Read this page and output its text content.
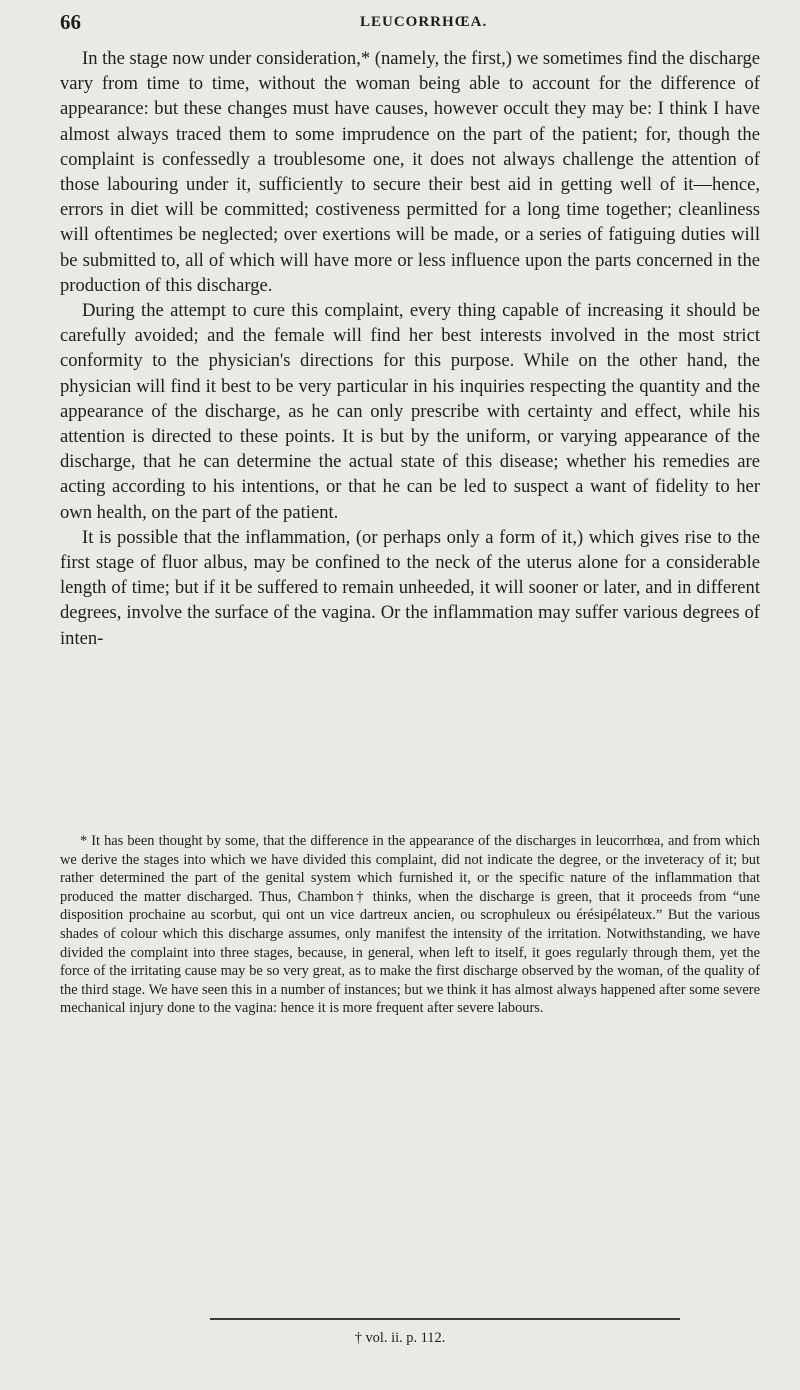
66	LEUCORRHŒA.

In the stage now under consideration,* (namely, the first,) we sometimes find the discharge vary from time to time, without the woman being able to account for the difference of appearance: but these changes must have causes, however occult they may be: I think I have almost always traced them to some imprudence on the part of the patient; for, though the complaint is confessedly a troublesome one, it does not always challenge the attention of those labouring under it, sufficiently to secure their best aid in getting well of it—hence, errors in diet will be committed; costiveness permitted for a long time together; cleanliness will oftentimes be neglected; over exertions will be made, or a series of fatiguing duties will be submitted to, all of which will have more or less influence upon the parts concerned in the production of this discharge.

During the attempt to cure this complaint, every thing capable of increasing it should be carefully avoided; and the female will find her best interests involved in the most strict conformity to the physician's directions for this purpose. While on the other hand, the physician will find it best to be very particular in his inquiries respecting the quantity and the appearance of the discharge, as he can only prescribe with certainty and effect, while his attention is directed to these points. It is but by the uniform, or varying appearance of the discharge, that he can determine the actual state of this disease; whether his remedies are acting according to his intentions, or that he can be led to suspect a want of fidelity to her own health, on the part of the patient.

It is possible that the inflammation, (or perhaps only a form of it,) which gives rise to the first stage of fluor albus, may be confined to the neck of the uterus alone for a considerable length of time; but if it be suffered to remain unheeded, it will sooner or later, and in different degrees, involve the surface of the vagina. Or the inflammation may suffer various degrees of inten-

* It has been thought by some, that the difference in the appearance of the discharges in leucorrhœa, and from which we derive the stages into which we have divided this complaint, did not indicate the degree, or the inveteracy of it; but rather determined the part of the genital system which furnished it, or the specific nature of the inflammation that produced the matter discharged. Thus, Chambon† thinks, when the discharge is green, that it proceeds from “une disposition prochaine au scorbut, qui ont un vice dartreux ancien, ou scrophuleux ou érésipélateux.” But the various shades of colour which this discharge assumes, only manifest the intensity of the irritation. Notwithstanding, we have divided the complaint into three stages, because, in general, when left to itself, it goes regularly through them, yet the force of the irritating cause may be so very great, as to make the first discharge observed by the woman, of the quality of the third stage. We have seen this in a number of instances; but we think it has almost always happened after some severe mechanical injury done to the vagina: hence it is more frequent after severe labours.

† vol. ii. p. 112.
